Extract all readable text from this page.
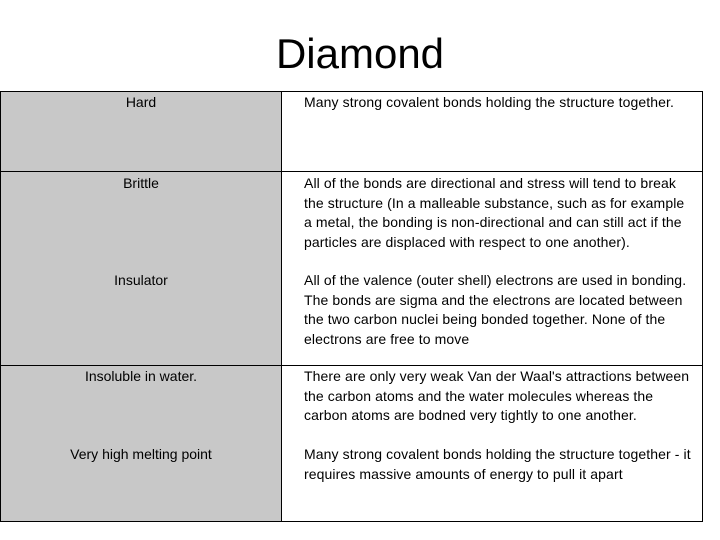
Diamond
Hard	Many strong covalent bonds holding the structure together.
Brittle	All of the bonds are directional and stress will tend to break the structure (In a malleable substance, such as for example a metal, the bonding is non-directional and can still act if the particles are displaced with respect to one another).
Insulator	All of the valence (outer shell) electrons are used in bonding. The bonds are sigma and the electrons are located between the two carbon nuclei being bonded together. None of the electrons are free to move
Insoluble in water.	There are only very weak Van der Waal's attractions between the carbon atoms and the water molecules whereas the carbon atoms are bodned very tightly to one another.
Very high melting point	Many strong covalent bonds holding the structure together - it requires massive amounts of energy to pull it apart
